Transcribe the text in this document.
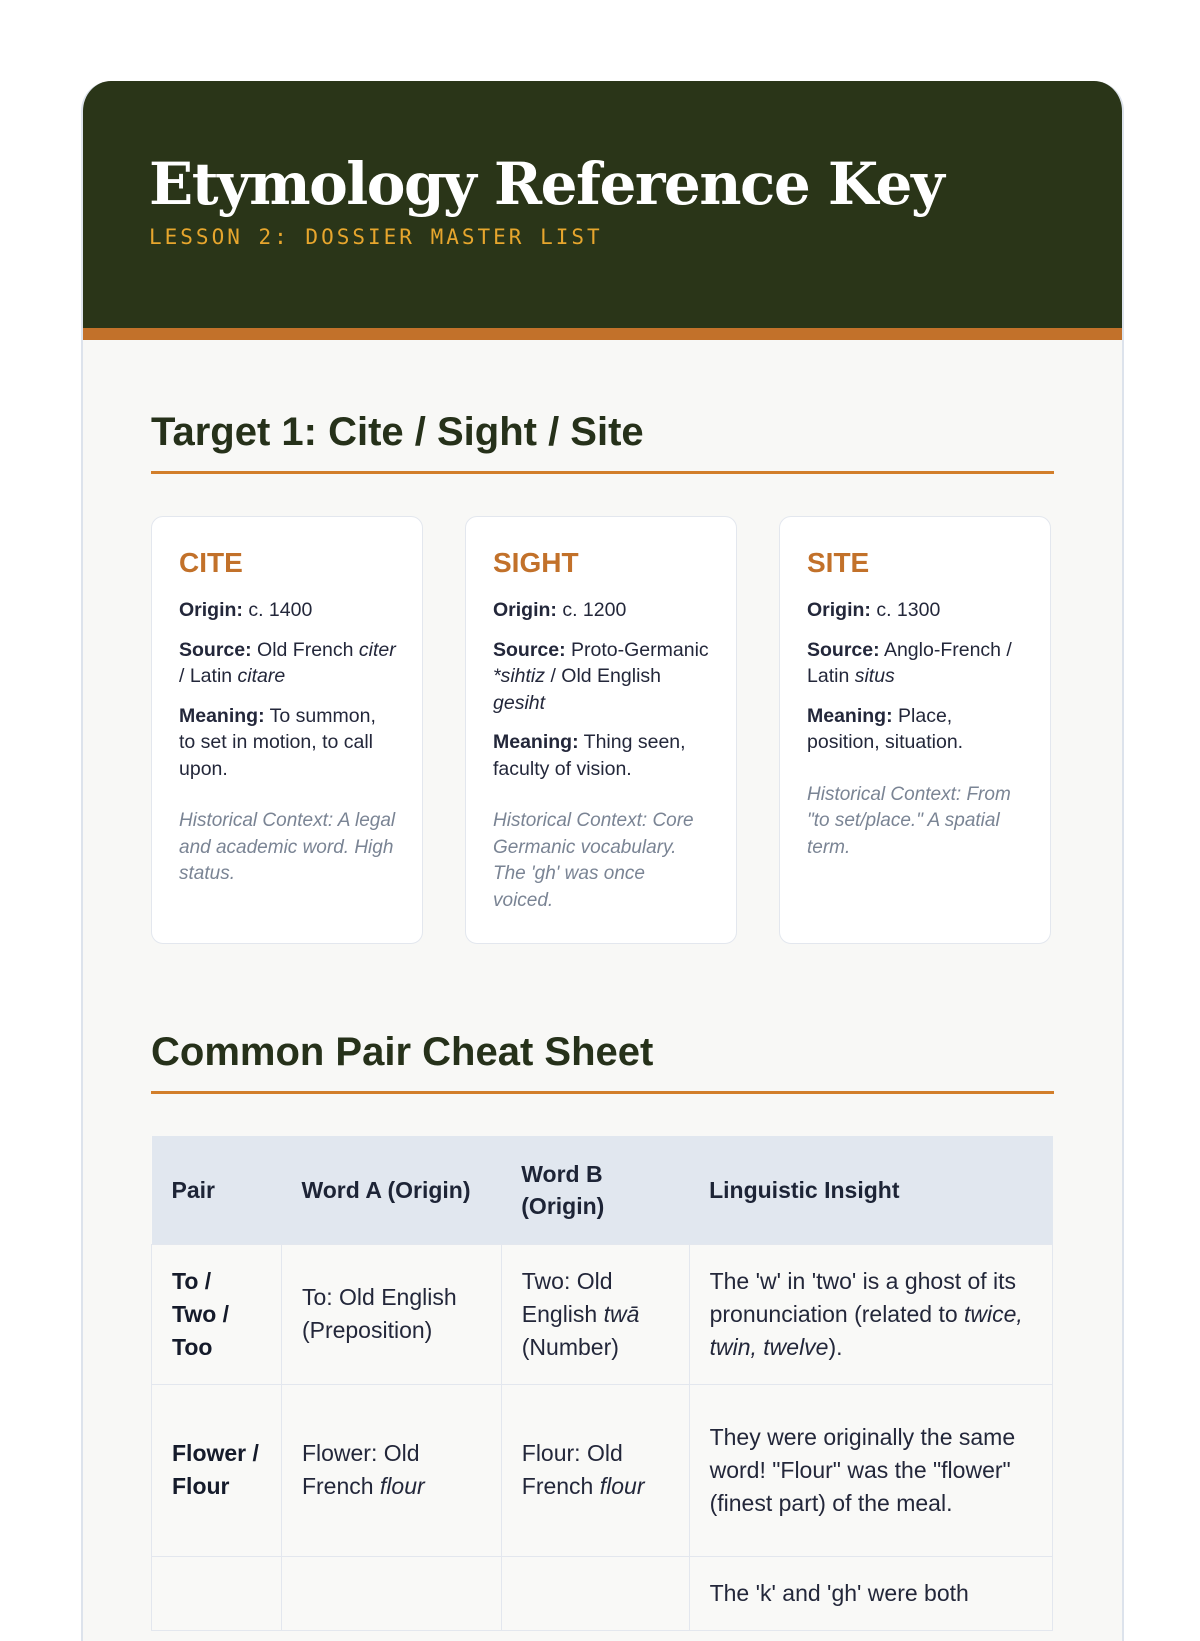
Etymology Reference Key
LESSON 2: DOSSIER MASTER LIST
Target 1: Cite / Sight / Site
CITE

Origin: c. 1400

Source: Old French citer / Latin citare

Meaning: To summon, to set in motion, to call upon.

Historical Context: A legal and academic word. High status.

SIGHT

Origin: c. 1200

Source: Proto-Germanic *sihtiz / Old English gesiht

Meaning: Thing seen, faculty of vision.

Historical Context: Core Germanic vocabulary. The 'gh' was once voiced.

SITE

Origin: c. 1300

Source: Anglo-French / Latin situs

Meaning: Place, position, situation.

Historical Context: From "to set/place." A spatial term.

Common Pair Cheat Sheet
Pair	Word A (Origin)	Word B (Origin)	Linguistic Insight
To / Two / Too	To: Old English (Preposition)	Two: Old English twā (Number)	The 'w' in 'two' is a ghost of its pronunciation (related to twice, twin, twelve).
Flower / Flour	Flower: Old French flour	Flour: Old French flour	They were originally the same word! "Flour" was the "flower" (finest part) of the meal.
			The 'k' and 'gh' were both
